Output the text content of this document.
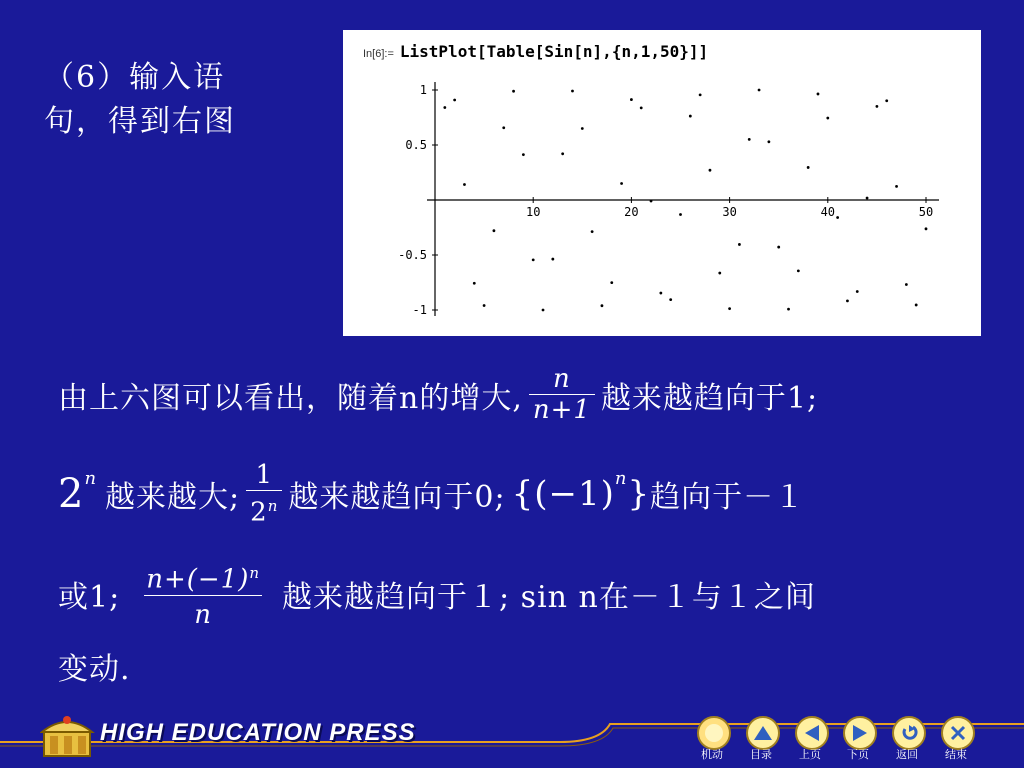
（6）输入语
句，得到右图
10	20	30	40	50
1
0.5
-0.5
-1
In[6]:= ListPlot[Table[Sin[n],{n,1,50}]]
由上六图可以看出，随着n的增大, $\frac{n}{n+1}$ 越来越趋向于1;
2 n
越来越大; $\frac{1}{2^n}$ 越来越趋向于0; {(−1) n } 趋向于－１
或1; $\frac{n+(-1)^n}{n}$ 越来越趋向于１; sin n在－１与１之间
变动.
HIGH EDUCATION PRESS
机动	目录	上页	下页	返回	结束
